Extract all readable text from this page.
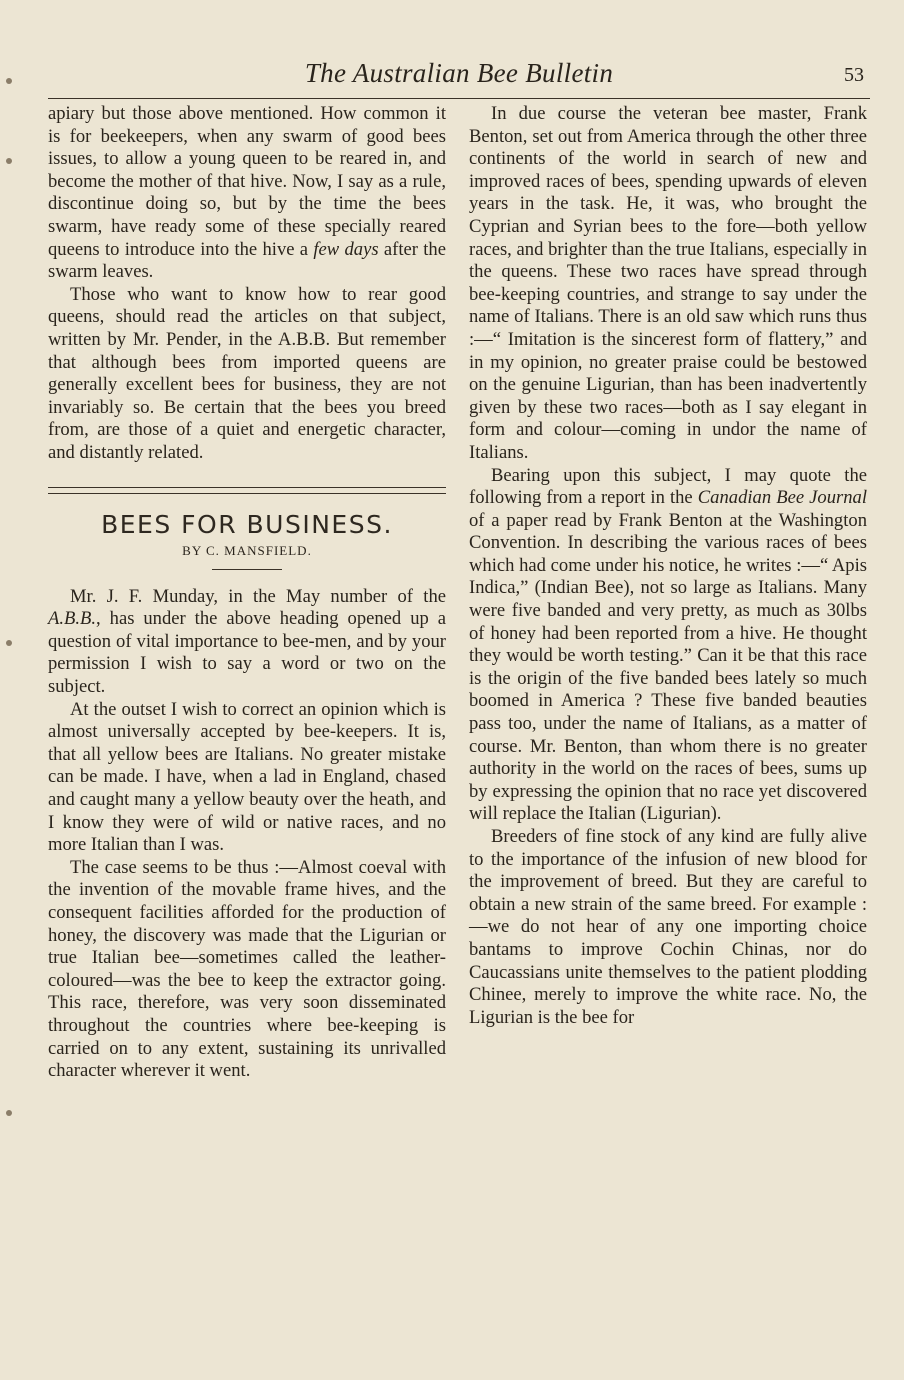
The Australian Bee Bulletin	53

apiary but those above mentioned. How common it is for beekeepers, when any swarm of good bees issues, to allow a young queen to be reared in, and become the mother of that hive. Now, I say as a rule, discontinue doing so, but by the time the bees swarm, have ready some of these specially reared queens to introduce into the hive a few days after the swarm leaves.

Those who want to know how to rear good queens, should read the articles on that subject, written by Mr. Pender, in the A.B.B. But remember that although bees from imported queens are generally excellent bees for business, they are not invariably so. Be certain that the bees you breed from, are those of a quiet and energetic character, and distantly related.

BEES FOR BUSINESS.
BY C. MANSFIELD.

Mr. J. F. Munday, in the May number of the A.B.B., has under the above heading opened up a question of vital importance to bee-men, and by your permission I wish to say a word or two on the subject.

At the outset I wish to correct an opinion which is almost universally accepted by bee-keepers. It is, that all yellow bees are Italians. No greater mistake can be made. I have, when a lad in England, chased and caught many a yellow beauty over the heath, and I know they were of wild or native races, and no more Italian than I was.

The case seems to be thus :—Almost coeval with the invention of the movable frame hives, and the consequent facilities afforded for the production of honey, the discovery was made that the Ligurian or true Italian bee—sometimes called the leather-coloured—was the bee to keep the extractor going. This race, therefore, was very soon disseminated throughout the countries where bee-keeping is carried on to any extent, sustaining its unrivalled character wherever it went.

In due course the veteran bee master, Frank Benton, set out from America through the other three continents of the world in search of new and improved races of bees, spending upwards of eleven years in the task. He, it was, who brought the Cyprian and Syrian bees to the fore—both yellow races, and brighter than the true Italians, especially in the queens. These two races have spread through bee-keeping countries, and strange to say under the name of Italians. There is an old saw which runs thus :—“ Imitation is the sincerest form of flattery,” and in my opinion, no greater praise could be bestowed on the genuine Ligurian, than has been inadvertently given by these two races—both as I say elegant in form and colour—coming in undor the name of Italians.

Bearing upon this subject, I may quote the following from a report in the Canadian Bee Journal of a paper read by Frank Benton at the Washington Convention. In describing the various races of bees which had come under his notice, he writes :—“ Apis Indica,” (Indian Bee), not so large as Italians. Many were five banded and very pretty, as much as 30lbs of honey had been reported from a hive. He thought they would be worth testing.” Can it be that this race is the origin of the five banded bees lately so much boomed in America ? These five banded beauties pass too, under the name of Italians, as a matter of course. Mr. Benton, than whom there is no greater authority in the world on the races of bees, sums up by expressing the opinion that no race yet discovered will replace the Italian (Ligurian).

Breeders of fine stock of any kind are fully alive to the importance of the infusion of new blood for the improvement of breed. But they are careful to obtain a new strain of the same breed. For example :—we do not hear of any one importing choice bantams to improve Cochin Chinas, nor do Caucassians unite themselves to the patient plodding Chinee, merely to improve the white race. No, the Ligurian is the bee for
